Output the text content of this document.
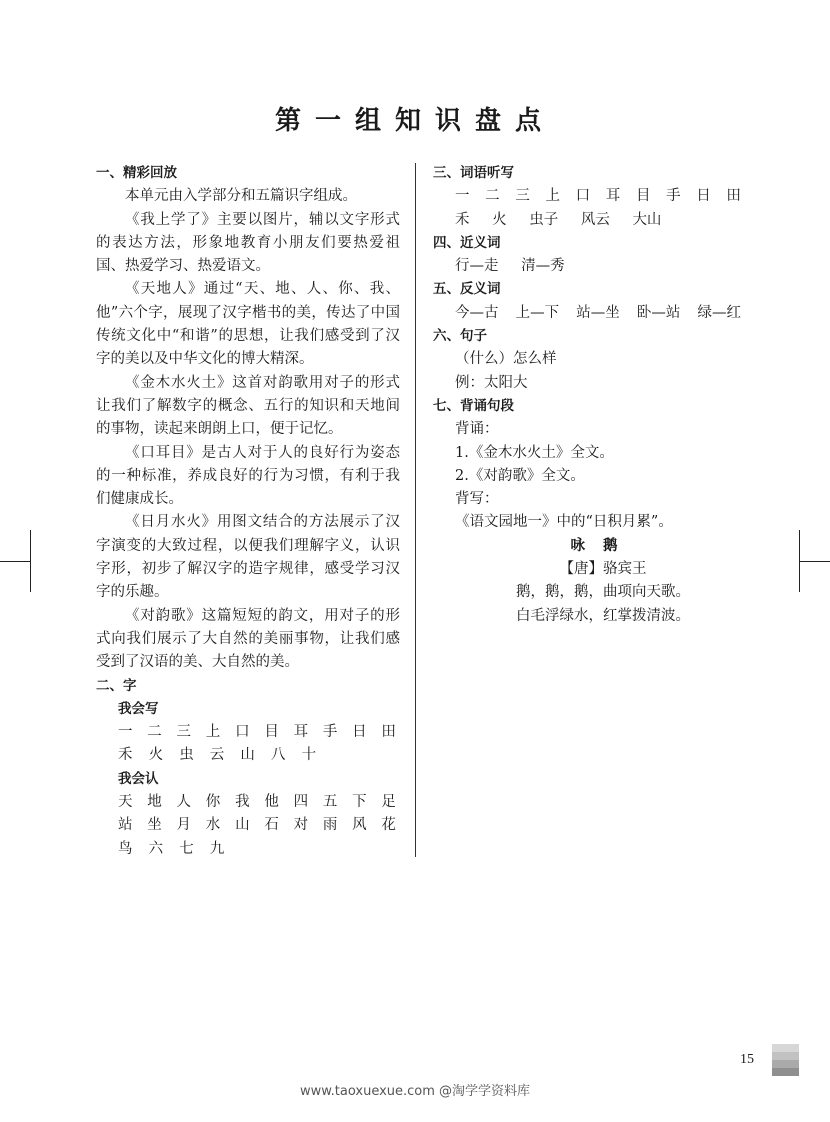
第一组知识盘点
一、精彩回放

本单元由入学部分和五篇识字组成。

《我上学了》主要以图片，辅以文字形式的表达方法，形象地教育小朋友们要热爱祖国、热爱学习、热爱语文。

《天地人》通过“天、地、人、你、我、他”六个字，展现了汉字楷书的美，传达了中国传统文化中“和谐”的思想，让我们感受到了汉字的美以及中华文化的博大精深。

《金木水火土》这首对韵歌用对子的形式让我们了解数字的概念、五行的知识和天地间的事物，读起来朗朗上口，便于记忆。

《口耳目》是古人对于人的良好行为姿态的一种标准，养成良好的行为习惯，有利于我们健康成长。

《日月水火》用图文结合的方法展示了汉字演变的大致过程，以便我们理解字义，认识字形，初步了解汉字的造字规律，感受学习汉字的乐趣。

《对韵歌》这篇短短的韵文，用对子的形式向我们展示了大自然的美丽事物，让我们感受到了汉语的美、大自然的美。

二、字
我会写
一 二 三 上 口 目 耳 手 日 田
禾	火	虫	云	山	八	十
我会认
天 地 人 你 我 他 四 五 下 足
站 坐 月 水 山 石 对 雨 风 花
鸟	六	七	九
三、词语听写
一 二 三 上 口 耳 目 手 日 田
禾 火 虫子 风云 大山
四、近义词
行—走 清—秀
五、反义词
今—古 上—下 站—坐 卧—站 绿—红
六、句子
（什么）怎么样
例：太阳大
七、背诵句段
背诵：
1.《金木水火土》全文。
2.《对韵歌》全文。
背写：
《语文园地一》中的“日积月累”。
咏鹅
【唐】骆宾王
鹅，鹅，鹅，曲项向天歌。
白毛浮绿水，红掌拨清波。
15
www.taoxuexue.com @淘学学资料库
